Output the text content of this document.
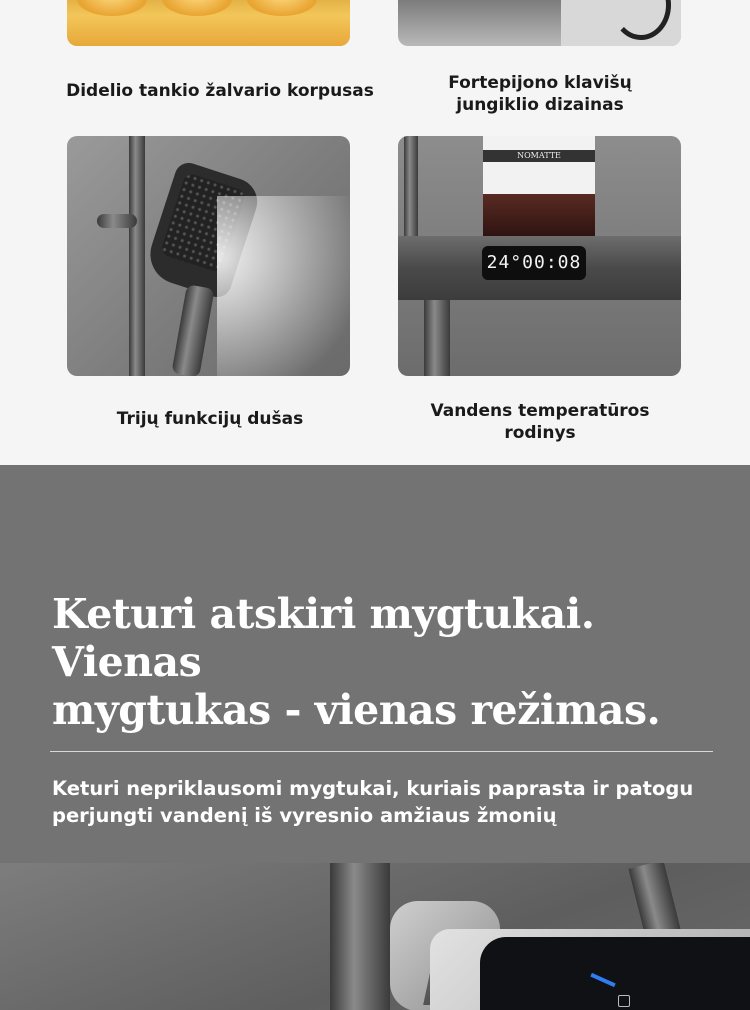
Didelio tankio žalvario korpusas	Fortepijono klavišų
jungiklio dizainas
NOMATTE
24°00:08
Trijų funkcijų dušas	Vandens temperatūros
rodinys
Keturi atskiri mygtukai. Vienas
mygtukas - vienas režimas.

Keturi nepriklausomi mygtukai, kuriais paprasta ir patogu
perjungti vandenį iš vyresnio amžiaus žmonių
